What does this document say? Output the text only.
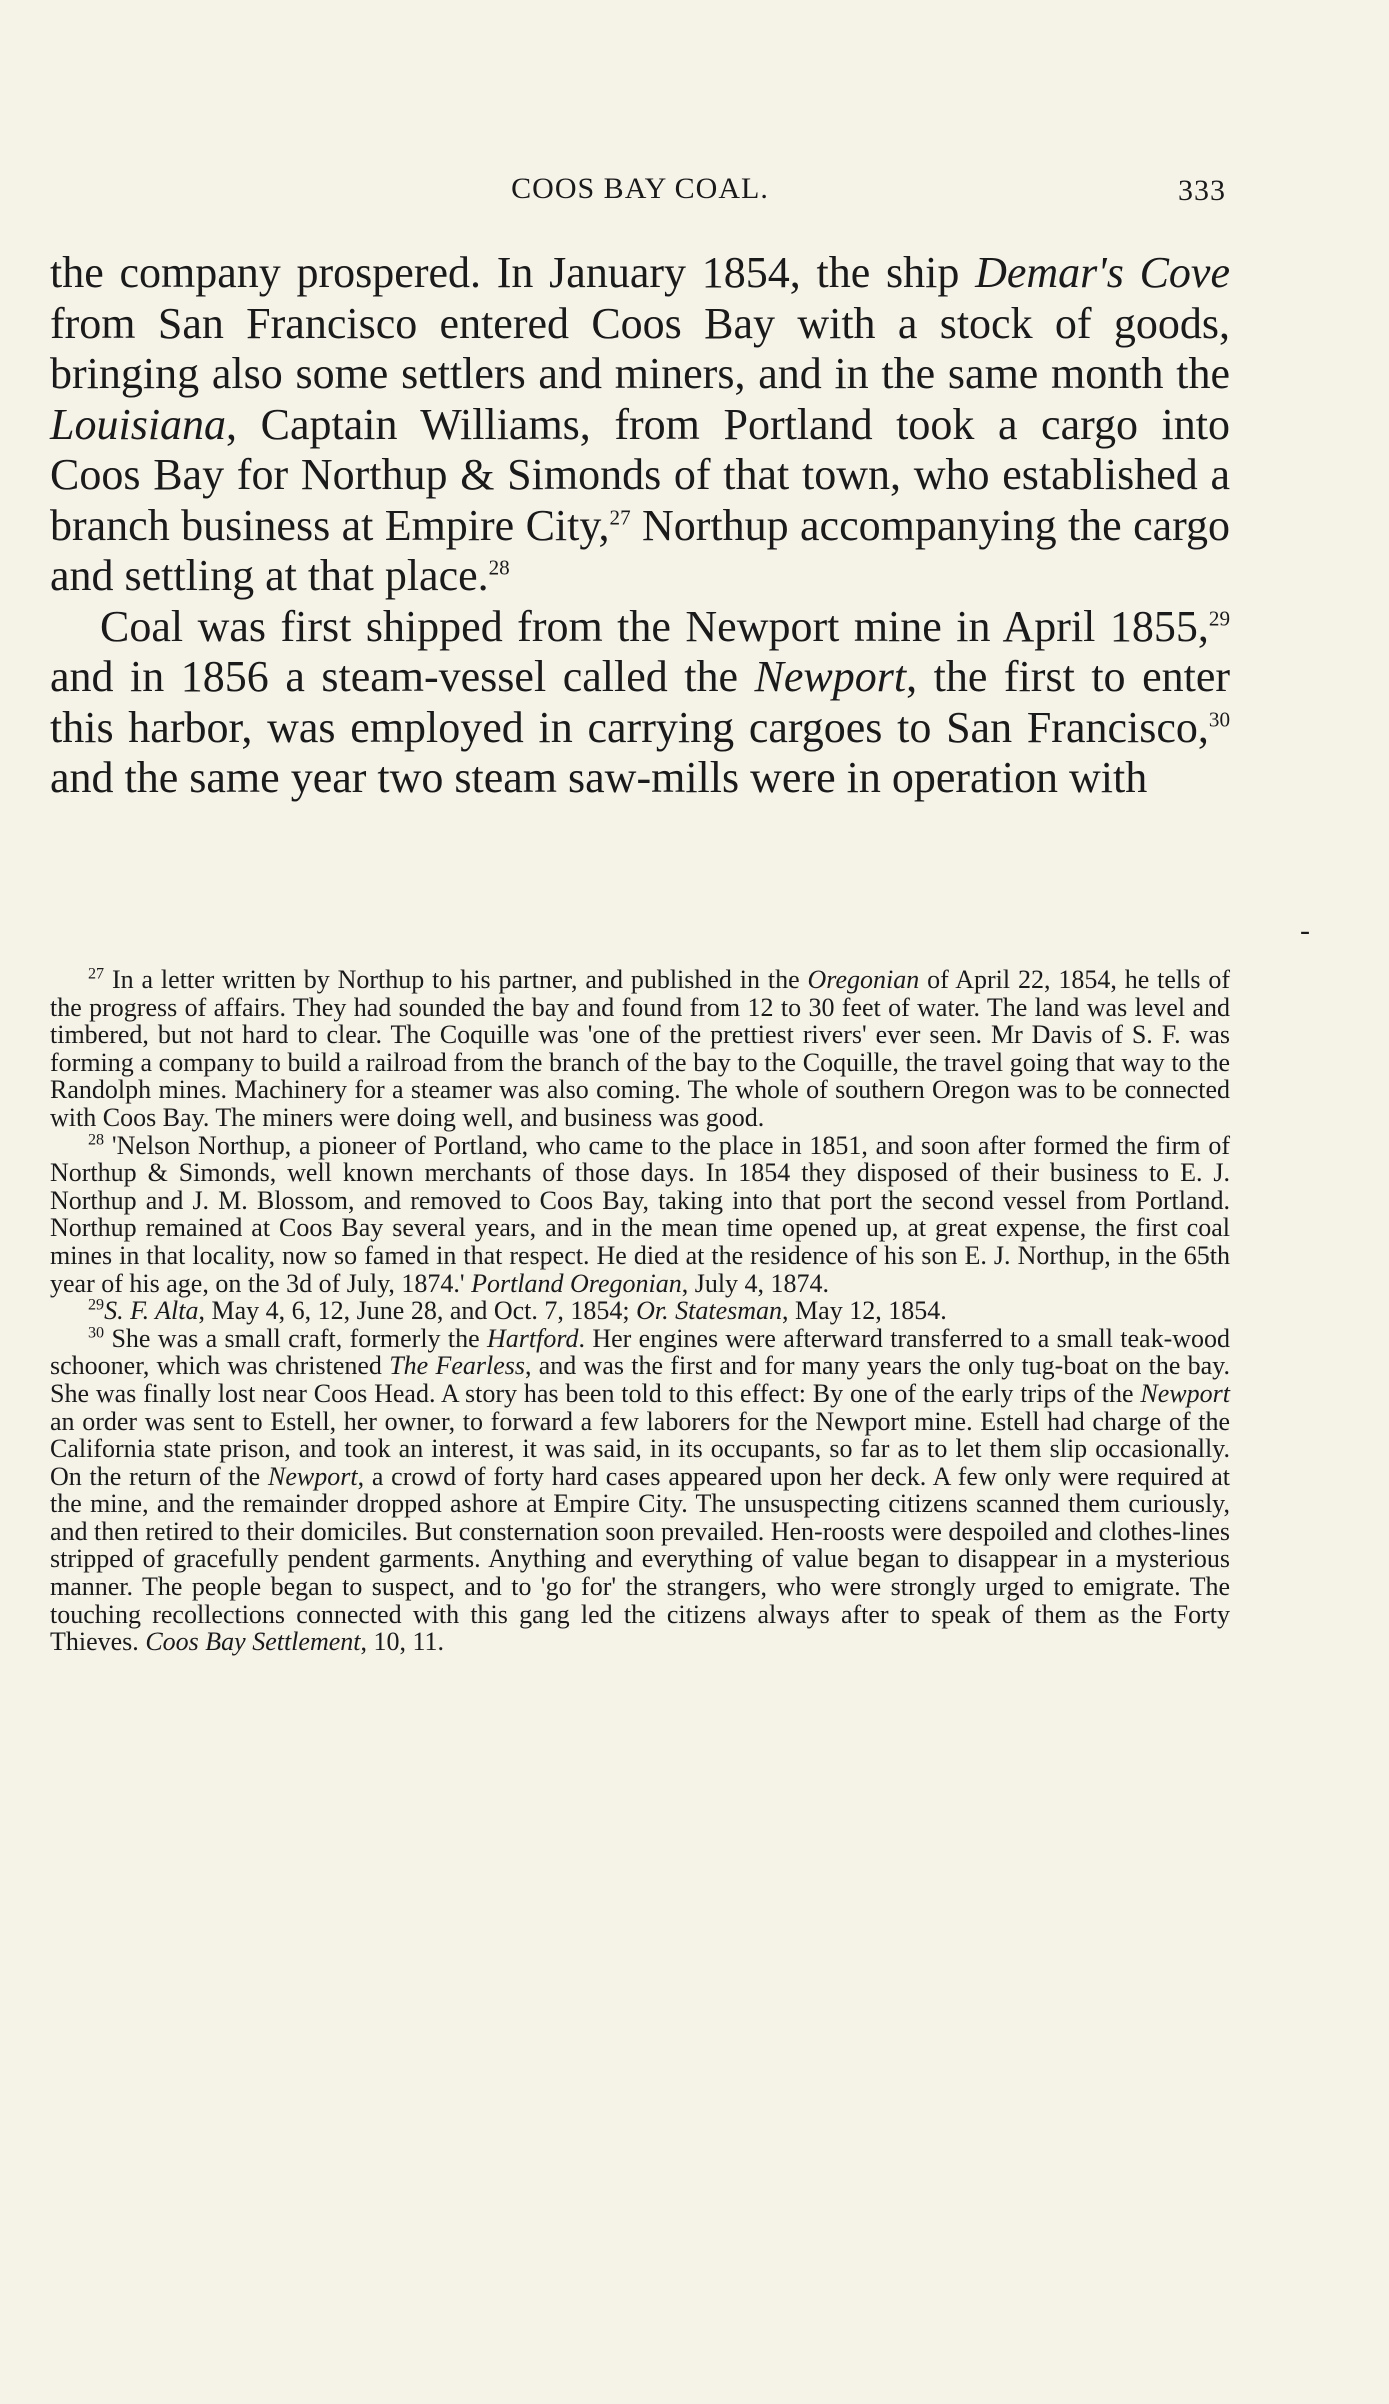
COOS BAY COAL.	333

the company prospered. In January 1854, the ship Demar's Cove from San Francisco entered Coos Bay with a stock of goods, bringing also some settlers and miners, and in the same month the Louisiana, Captain Williams, from Portland took a cargo into Coos Bay for Northup & Simonds of that town, who established a branch business at Empire City,$^{27}$ Northup accompanying the cargo and settling at that place.$^{28}$

Coal was first shipped from the Newport mine in April 1855,29 and in 1856 a steam-vessel called the Newport, the first to enter this harbor, was employed in carrying cargoes to San Francisco,$^{30}$ and the same year two steam saw-mills were in operation with

$^{27}$ In a letter written by Northup to his partner, and published in the Oregonian of April 22, 1854, he tells of the progress of affairs. They had sounded the bay and found from 12 to 30 feet of water. The land was level and timbered, but not hard to clear. The Coquille was 'one of the prettiest rivers' ever seen. Mr Davis of S. F. was forming a company to build a railroad from the branch of the bay to the Coquille, the travel going that way to the Randolph mines. Machinery for a steamer was also coming. The whole of southern Oregon was to be connected with Coos Bay. The miners were doing well, and business was good.

$^{28}$ 'Nelson Northup, a pioneer of Portland, who came to the place in 1851, and soon after formed the firm of Northup & Simonds, well known merchants of those days. In 1854 they disposed of their business to E. J. Northup and J. M. Blossom, and removed to Coos Bay, taking into that port the second vessel from Portland. Northup remained at Coos Bay several years, and in the mean time opened up, at great expense, the first coal mines in that locality, now so famed in that respect. He died at the residence of his son E. J. Northup, in the 65th year of his age, on the 3d of July, 1874.' Portland Oregonian, July 4, 1874.

$^{29}$S. F. Alta, May 4, 6, 12, June 28, and Oct. 7, 1854; Or. Statesman, May 12, 1854.

$^{30}$ She was a small craft, formerly the Hartford. Her engines were afterward transferred to a small teak-wood schooner, which was christened The Fearless, and was the first and for many years the only tug-boat on the bay. She was finally lost near Coos Head. A story has been told to this effect: By one of the early trips of the Newport an order was sent to Estell, her owner, to forward a few laborers for the Newport mine. Estell had charge of the California state prison, and took an interest, it was said, in its occupants, so far as to let them slip occasionally. On the return of the Newport, a crowd of forty hard cases appeared upon her deck. A few only were required at the mine, and the remainder dropped ashore at Empire City. The unsuspecting citizens scanned them curiously, and then retired to their domiciles. But consternation soon prevailed. Hen-roosts were despoiled and clothes-lines stripped of gracefully pendent garments. Anything and everything of value began to disappear in a mysterious manner. The people began to suspect, and to 'go for' the strangers, who were strongly urged to emigrate. The touching recollections connected with this gang led the citizens always after to speak of them as the Forty Thieves. Coos Bay Settlement, 10, 11.

-
